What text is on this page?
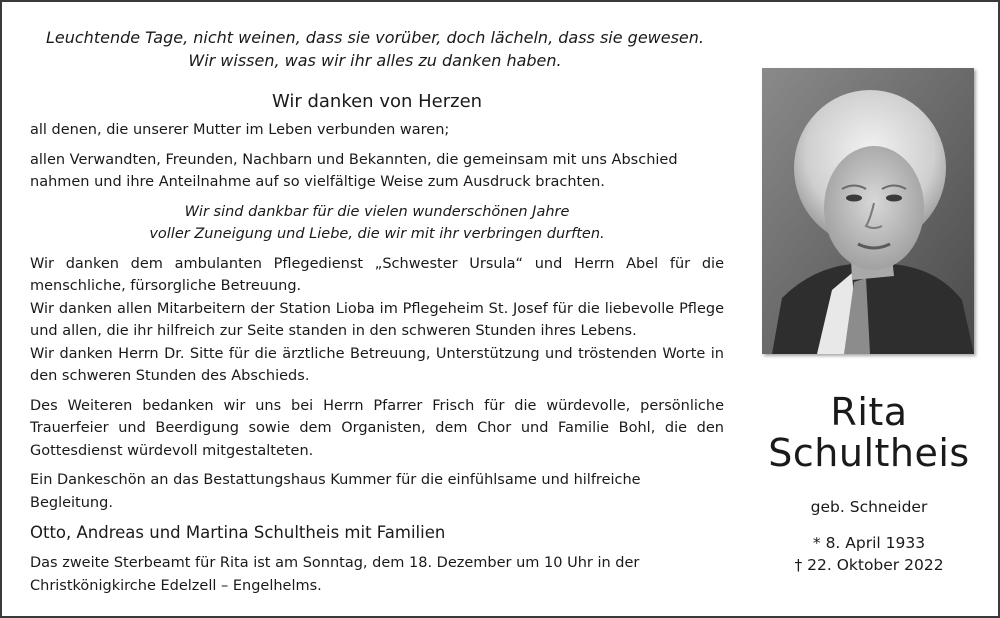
Leuchtende Tage, nicht weinen, dass sie vorüber, doch lächeln, dass sie gewesen.
Wir wissen, was wir ihr alles zu danken haben.

Wir danken von Herzen

all denen, die unserer Mutter im Leben verbunden waren;

allen Verwandten, Freunden, Nachbarn und Bekannten, die gemeinsam mit uns Abschied

nahmen und ihre Anteilnahme auf so vielfältige Weise zum Ausdruck brachten.

Wir sind dankbar für die vielen wunderschönen Jahre

voller Zuneigung und Liebe, die wir mit ihr verbringen durften.

Wir danken dem ambulanten Pflegedienst „Schwester Ursula“ und Herrn Abel für die menschliche, fürsorgliche Betreuung.

Wir danken allen Mitarbeitern der Station Lioba im Pflegeheim St. Josef für die liebevolle Pflege und allen, die ihr hilfreich zur Seite standen in den schweren Stunden ihres Lebens.

Wir danken Herrn Dr. Sitte für die ärztliche Betreuung, Unterstützung und tröstenden Worte in den schweren Stunden des Abschieds.

Des Weiteren bedanken wir uns bei Herrn Pfarrer Frisch für die würdevolle, persönliche Trauerfeier und Beerdigung sowie dem Organisten, dem Chor und Familie Bohl, die den Gottesdienst würdevoll mitgestalteten.

Ein Dankeschön an das Bestattungshaus Kummer für die einfühlsame und hilfreiche

Begleitung.

Otto, Andreas und Martina Schultheis mit Familien

Das zweite Sterbeamt für Rita ist am Sonntag, dem 18. Dezember um 10 Uhr in der

Christkönigkirche Edelzell – Engelhelms.

Rita
Schultheis
geb. Schneider
* 8. April 1933
† 22. Oktober 2022
